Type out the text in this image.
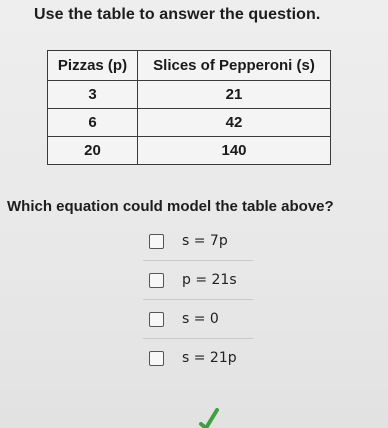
Use the table to answer the question.
Pizzas (p)	Slices of Pepperoni (s)
3	21
6	42
20	140
Which equation could model the table above?
s = 7p
p = 21s
s = 0
s = 21p
